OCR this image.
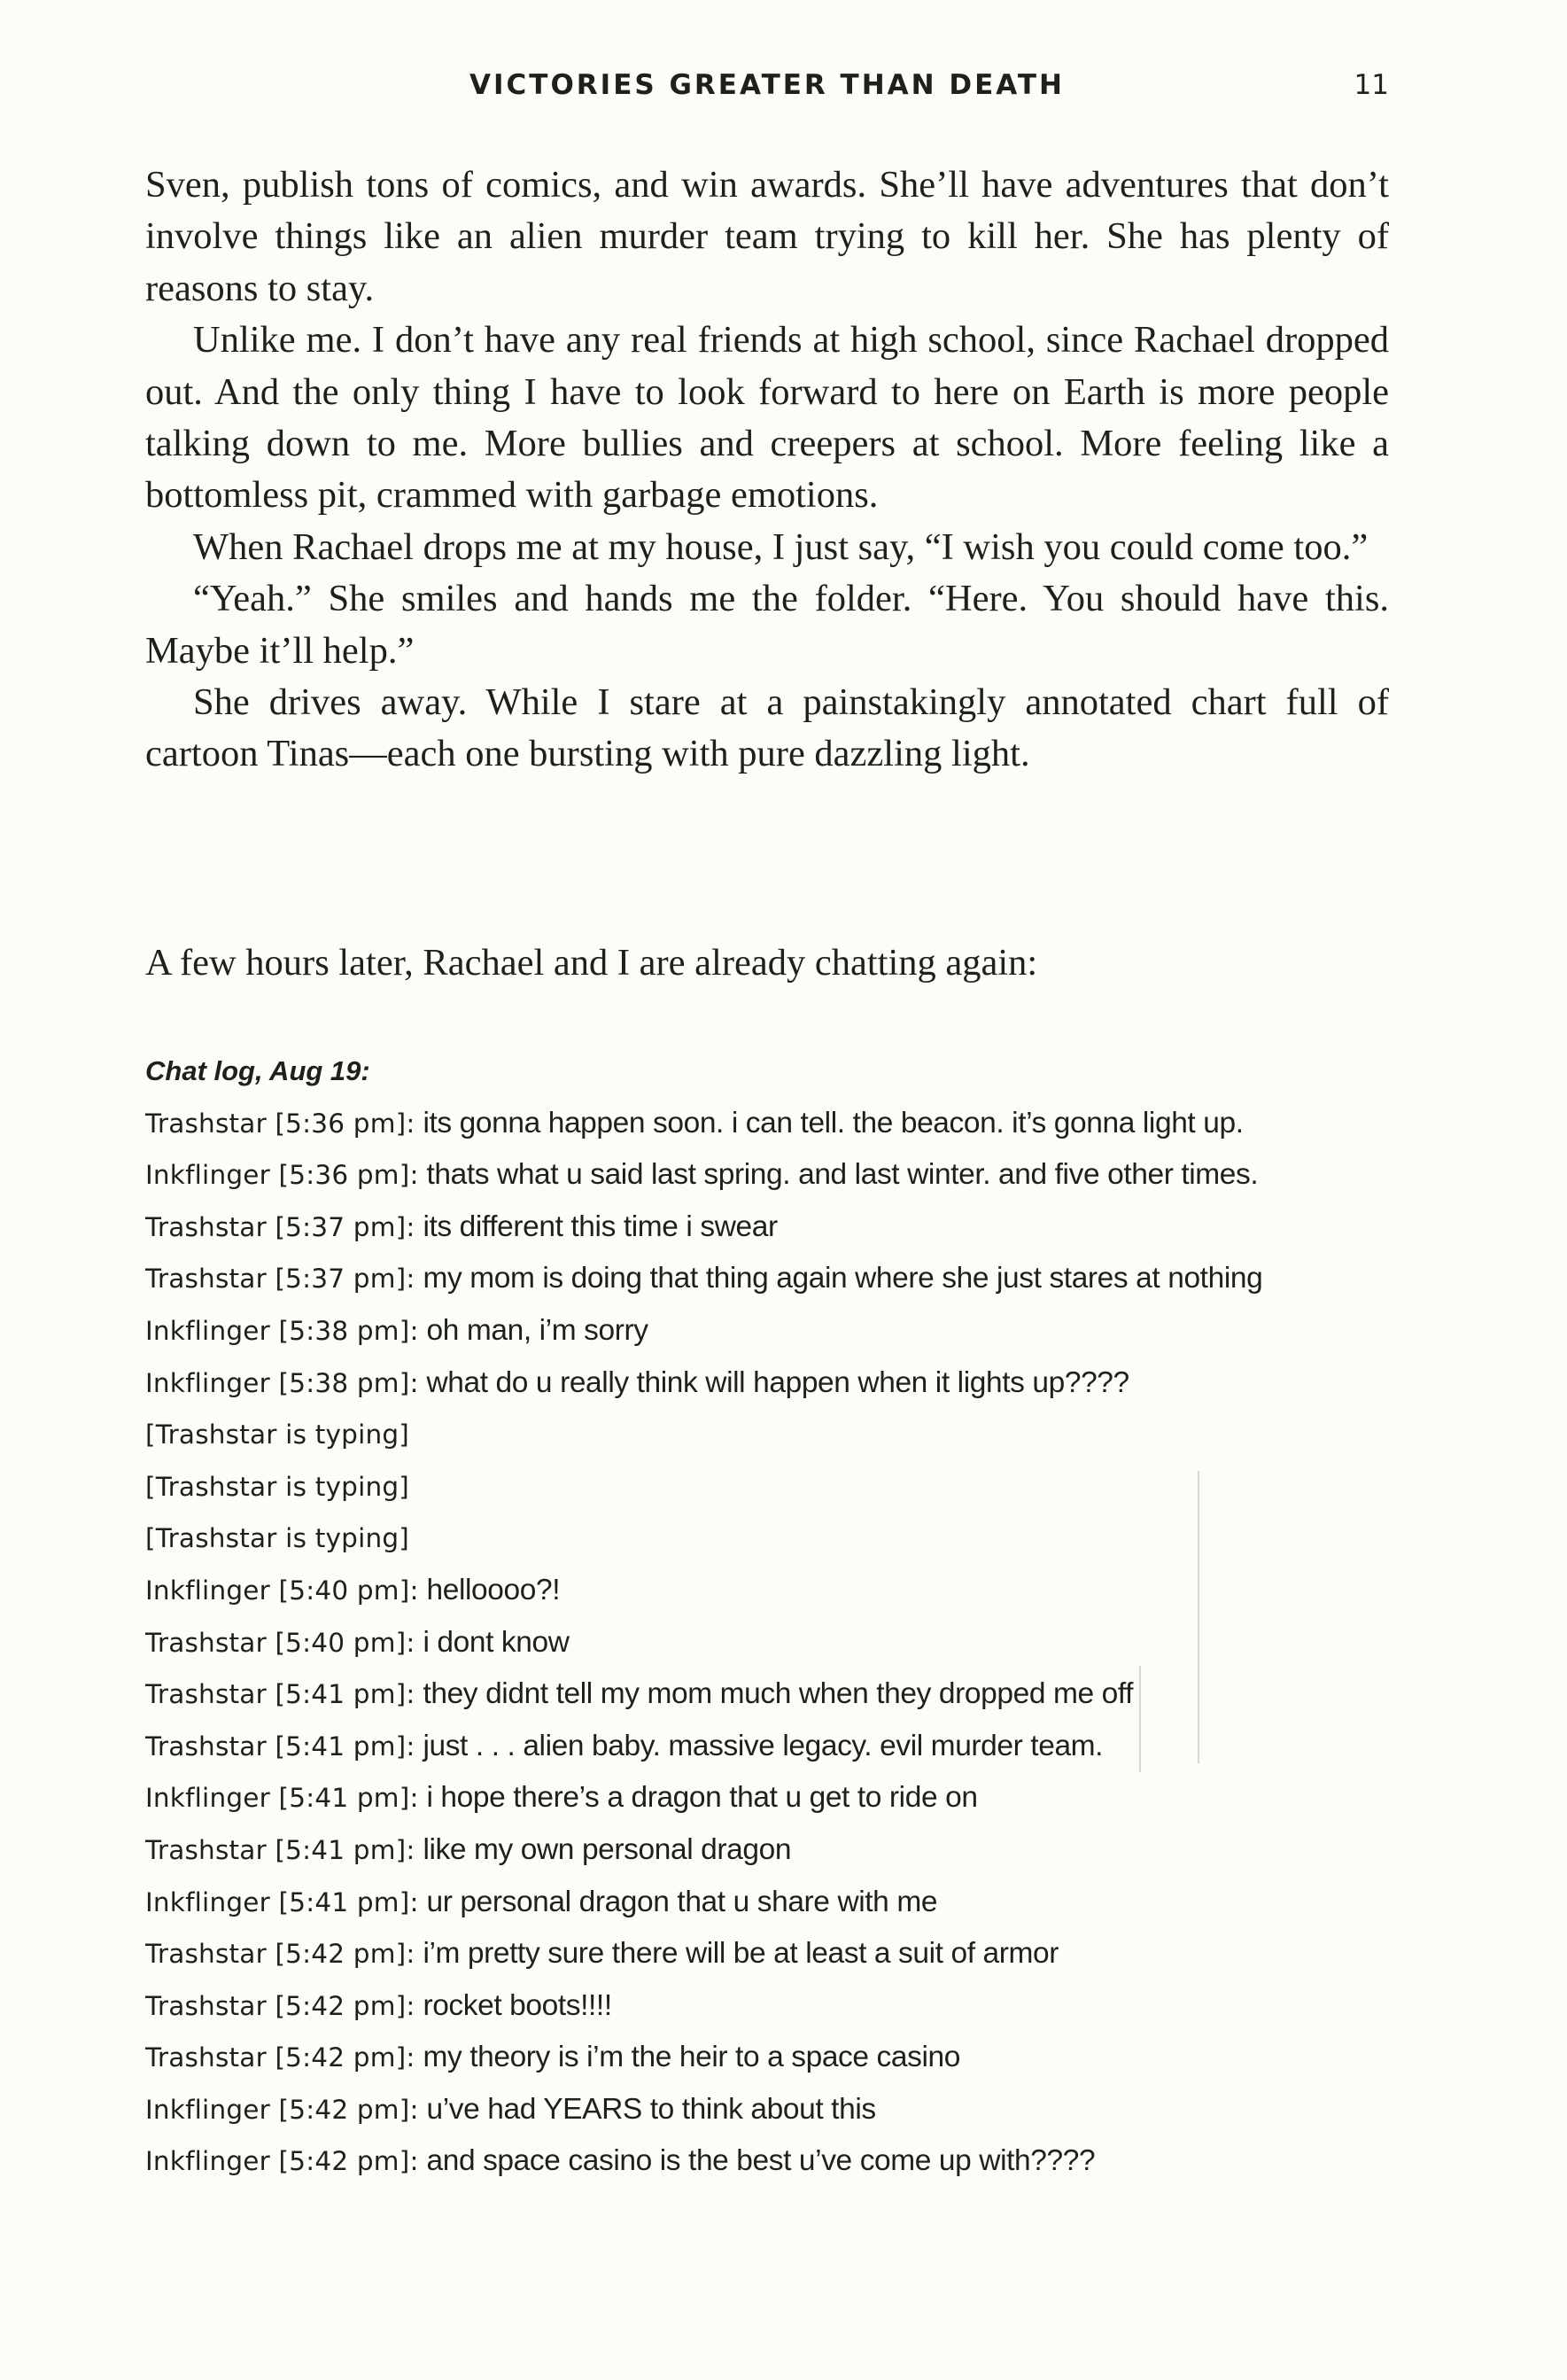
VICTORIES GREATER THAN DEATH	11

Sven, publish tons of comics, and win awards. She’ll have adventures that don’t involve things like an alien murder team trying to kill her. She has plenty of reasons to stay.

Unlike me. I don’t have any real friends at high school, since Rachael dropped out. And the only thing I have to look forward to here on Earth is more people talking down to me. More bullies and creepers at school. More feeling like a bottomless pit, crammed with garbage emotions.

When Rachael drops me at my house, I just say, “I wish you could come too.”

“Yeah.” She smiles and hands me the folder. “Here. You should have this. Maybe it’ll help.”

She drives away. While I stare at a painstakingly annotated chart full of cartoon Tinas—each one bursting with pure dazzling light.

A few hours later, Rachael and I are already chatting again:

Chat log, Aug 19:
Trashstar [5:36 pm]: its gonna happen soon. i can tell. the beacon. it’s gonna light up.
Inkflinger [5:36 pm]: thats what u said last spring. and last winter. and five other times.
Trashstar [5:37 pm]: its different this time i swear
Trashstar [5:37 pm]: my mom is doing that thing again where she just stares at nothing
Inkflinger [5:38 pm]: oh man, i’m sorry
Inkflinger [5:38 pm]: what do u really think will happen when it lights up????
[Trashstar is typing]
[Trashstar is typing]
[Trashstar is typing]
Inkflinger [5:40 pm]: helloooo?!
Trashstar [5:40 pm]: i dont know
Trashstar [5:41 pm]: they didnt tell my mom much when they dropped me off
Trashstar [5:41 pm]: just . . . alien baby. massive legacy. evil murder team.
Inkflinger [5:41 pm]: i hope there’s a dragon that u get to ride on
Trashstar [5:41 pm]: like my own personal dragon
Inkflinger [5:41 pm]: ur personal dragon that u share with me
Trashstar [5:42 pm]: i’m pretty sure there will be at least a suit of armor
Trashstar [5:42 pm]: rocket boots!!!!
Trashstar [5:42 pm]: my theory is i’m the heir to a space casino
Inkflinger [5:42 pm]: u’ve had YEARS to think about this
Inkflinger [5:42 pm]: and space casino is the best u’ve come up with????
